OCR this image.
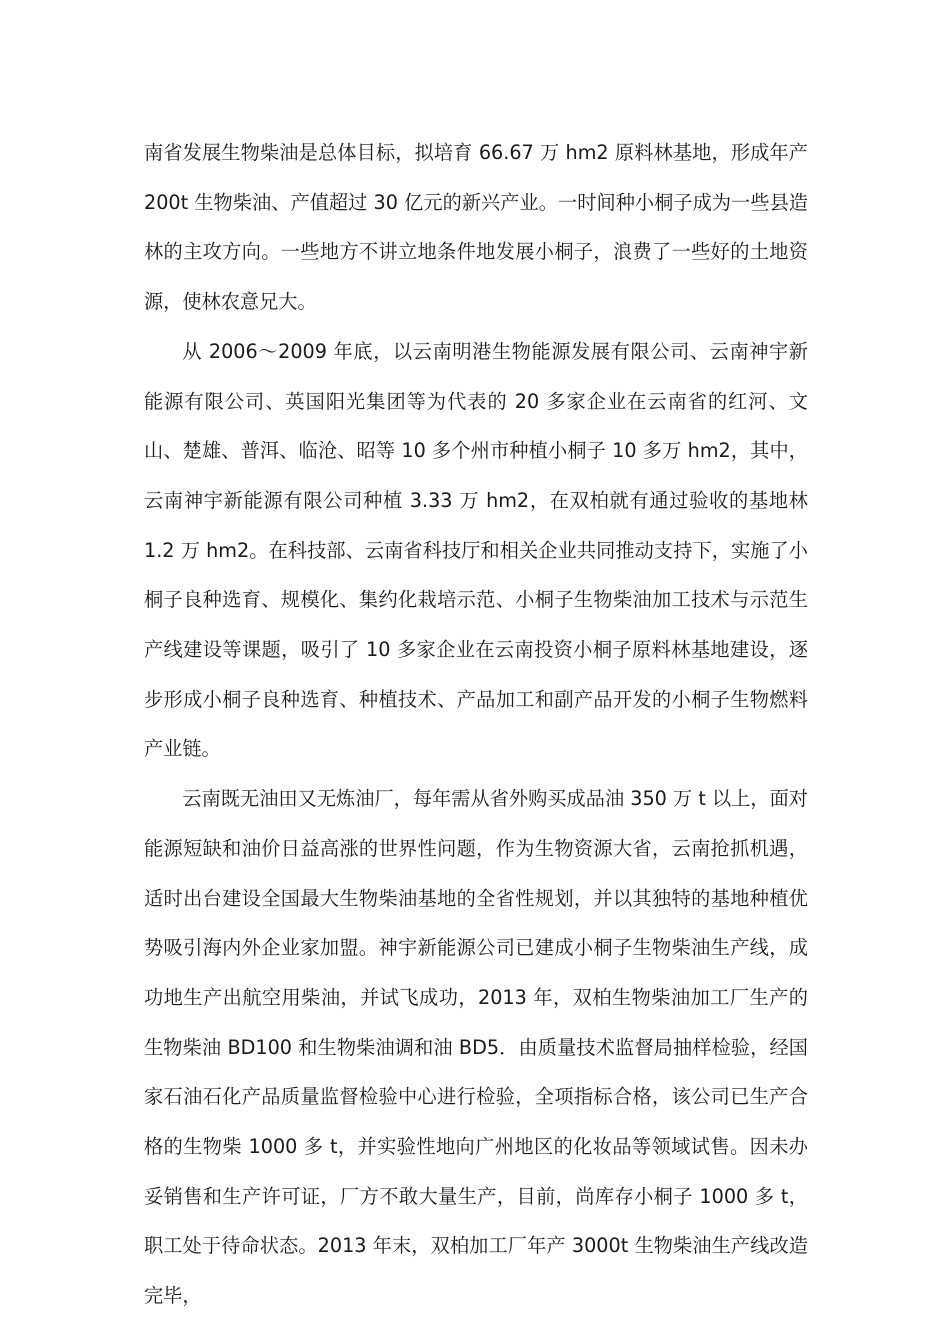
南省发展生物柴油是总体目标，拟培育 66.67 万 hm2 原料林基地，形成年产 200t 生物柴油、产值超过 30 亿元的新兴产业。一时间种小桐子成为一些县造林的主攻方向。一些地方不讲立地条件地发展小桐子，浪费了一些好的土地资源，使林农意兄大。

从 2006～2009 年底，以云南明港生物能源发展有限公司、云南神宇新能源有限公司、英国阳光集团等为代表的 20 多家企业在云南省的红河、文山、楚雄、普洱、临沧、昭等 10 多个州市种植小桐子 10 多万 hm2，其中，云南神宇新能源有限公司种植 3.33 万 hm2，在双柏就有通过验收的基地林 1.2 万 hm2。在科技部、云南省科技厅和相关企业共同推动支持下，实施了小桐子良种选育、规模化、集约化栽培示范、小桐子生物柴油加工技术与示范生产线建设等课题，吸引了 10 多家企业在云南投资小桐子原料林基地建设，逐步形成小桐子良种选育、种植技术、产品加工和副产品开发的小桐子生物燃料产业链。

云南既无油田又无炼油厂，每年需从省外购买成品油 350 万 t 以上，面对能源短缺和油价日益高涨的世界性问题，作为生物资源大省，云南抢抓机遇，适时出台建设全国最大生物柴油基地的全省性规划，并以其独特的基地种植优势吸引海内外企业家加盟。神宇新能源公司已建成小桐子生物柴油生产线，成功地生产出航空用柴油，并试飞成功，2013 年，双柏生物柴油加工厂生产的生物柴油 BD100 和生物柴油调和油 BD5．由质量技术监督局抽样检验，经国家石油石化产品质量监督检验中心进行检验，全项指标合格，该公司已生产合格的生物柴 1000 多 t，并实验性地向广州地区的化妆品等领域试售。因未办妥销售和生产许可证，厂方不敢大量生产，目前，尚库存小桐子 1000 多 t，职工处于待命状态。2013 年末，双柏加工厂年产 3000t 生物柴油生产线改造完毕，
